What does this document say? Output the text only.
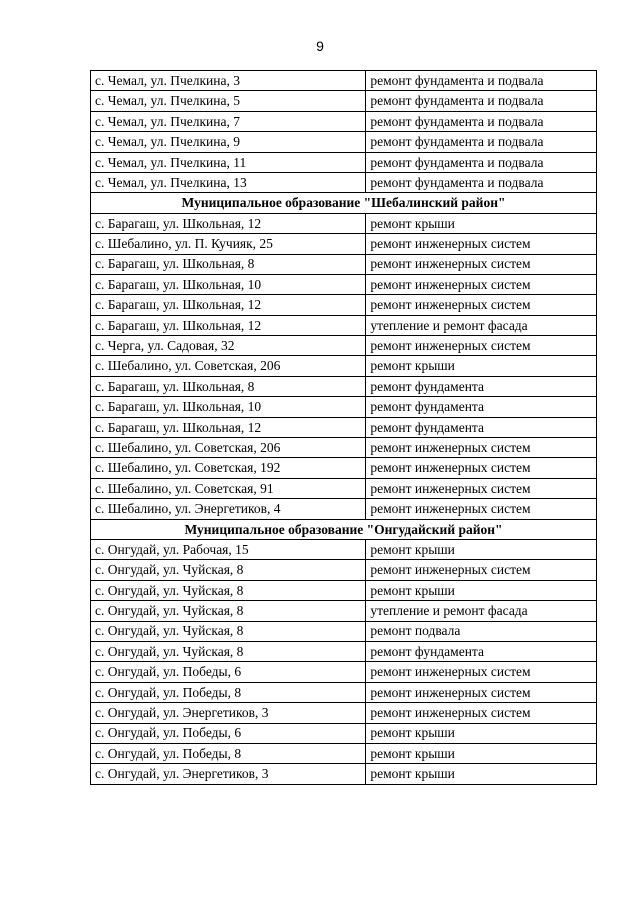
9
с. Чемал, ул. Пчелкина, 3	ремонт фундамента и подвала
с. Чемал, ул. Пчелкина, 5	ремонт фундамента и подвала
с. Чемал, ул. Пчелкина, 7	ремонт фундамента и подвала
с. Чемал, ул. Пчелкина, 9	ремонт фундамента и подвала
с. Чемал, ул. Пчелкина, 11	ремонт фундамента и подвала
с. Чемал, ул. Пчелкина, 13	ремонт фундамента и подвала
Муниципальное образование "Шебалинский район"	
с. Барагаш, ул. Школьная, 12	ремонт крыши
с. Шебалино, ул. П. Кучияк, 25	ремонт инженерных систем
с. Барагаш, ул. Школьная, 8	ремонт инженерных систем
с. Барагаш, ул. Школьная, 10	ремонт инженерных систем
с. Барагаш, ул. Школьная, 12	ремонт инженерных систем
с. Барагаш, ул. Школьная, 12	утепление и ремонт фасада
с. Черга, ул. Садовая, 32	ремонт инженерных систем
с. Шебалино, ул. Советская, 206	ремонт крыши
с. Барагаш, ул. Школьная, 8	ремонт фундамента
с. Барагаш, ул. Школьная, 10	ремонт фундамента
с. Барагаш, ул. Школьная, 12	ремонт фундамента
с. Шебалино, ул. Советская, 206	ремонт инженерных систем
с. Шебалино, ул. Советская, 192	ремонт инженерных систем
с. Шебалино, ул. Советская, 91	ремонт инженерных систем
с. Шебалино, ул. Энергетиков, 4	ремонт инженерных систем
Муниципальное образование "Онгудайский район"	
с. Онгудай, ул. Рабочая, 15	ремонт крыши
с. Онгудай, ул. Чуйская, 8	ремонт инженерных систем
с. Онгудай, ул. Чуйская, 8	ремонт крыши
с. Онгудай, ул. Чуйская, 8	утепление и ремонт фасада
с. Онгудай, ул. Чуйская, 8	ремонт подвала
с. Онгудай, ул. Чуйская, 8	ремонт фундамента
с. Онгудай, ул. Победы, 6	ремонт инженерных систем
с. Онгудай, ул. Победы, 8	ремонт инженерных систем
с. Онгудай, ул. Энергетиков, 3	ремонт инженерных систем
с. Онгудай, ул. Победы, 6	ремонт крыши
с. Онгудай, ул. Победы, 8	ремонт крыши
с. Онгудай, ул. Энергетиков, 3	ремонт крыши
